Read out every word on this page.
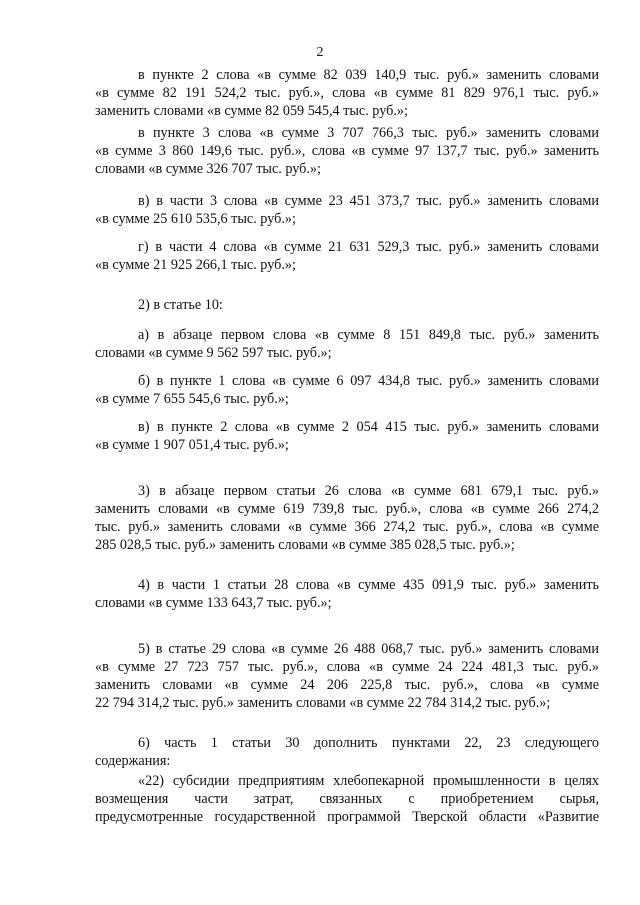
2
в пункте 2 слова «в сумме 82 039 140,9 тыс. руб.» заменить словами
«в сумме 82 191 524,2 тыс. руб.», слова «в сумме 81 829 976,1 тыс. руб.»
заменить словами «в сумме 82 059 545,4 тыс. руб.»;
в пункте 3 слова «в сумме 3 707 766,3 тыс. руб.» заменить словами
«в сумме 3 860 149,6 тыс. руб.», слова «в сумме 97 137,7 тыс. руб.» заменить
словами «в сумме 326 707 тыс. руб.»;
в) в части 3 слова «в сумме 23 451 373,7 тыс. руб.» заменить словами
«в сумме 25 610 535,6 тыс. руб.»;
г) в части 4 слова «в сумме 21 631 529,3 тыс. руб.» заменить словами
«в сумме 21 925 266,1 тыс. руб.»;
2) в статье 10:
а) в абзаце первом слова «в сумме 8 151 849,8 тыс. руб.» заменить
словами «в сумме 9 562 597 тыс. руб.»;
б) в пункте 1 слова «в сумме 6 097 434,8 тыс. руб.» заменить словами
«в сумме 7 655 545,6 тыс. руб.»;
в) в пункте 2 слова «в сумме 2 054 415 тыс. руб.» заменить словами
«в сумме 1 907 051,4 тыс. руб.»;
3) в абзаце первом статьи 26 слова «в сумме 681 679,1 тыс. руб.»
заменить словами «в сумме 619 739,8 тыс. руб.», слова «в сумме 266 274,2
тыс. руб.» заменить словами «в сумме 366 274,2 тыс. руб.», слова «в сумме
285 028,5 тыс. руб.» заменить словами «в сумме 385 028,5 тыс. руб.»;
4) в части 1 статьи 28 слова «в сумме 435 091,9 тыс. руб.» заменить
словами «в сумме 133 643,7 тыс. руб.»;
5) в статье 29 слова «в сумме 26 488 068,7 тыс. руб.» заменить словами
«в сумме 27 723 757 тыс. руб.», слова «в сумме 24 224 481,3 тыс. руб.»
заменить словами «в сумме 24 206 225,8 тыс. руб.», слова «в сумме
22 794 314,2 тыс. руб.» заменить словами «в сумме 22 784 314,2 тыс. руб.»;
6) часть 1 статьи 30 дополнить пунктами 22, 23 следующего
содержания:
«22) субсидии предприятиям хлебопекарной промышленности в целях
возмещения части затрат, связанных с приобретением сырья,
предусмотренные государственной программой Тверской области «Развитие
